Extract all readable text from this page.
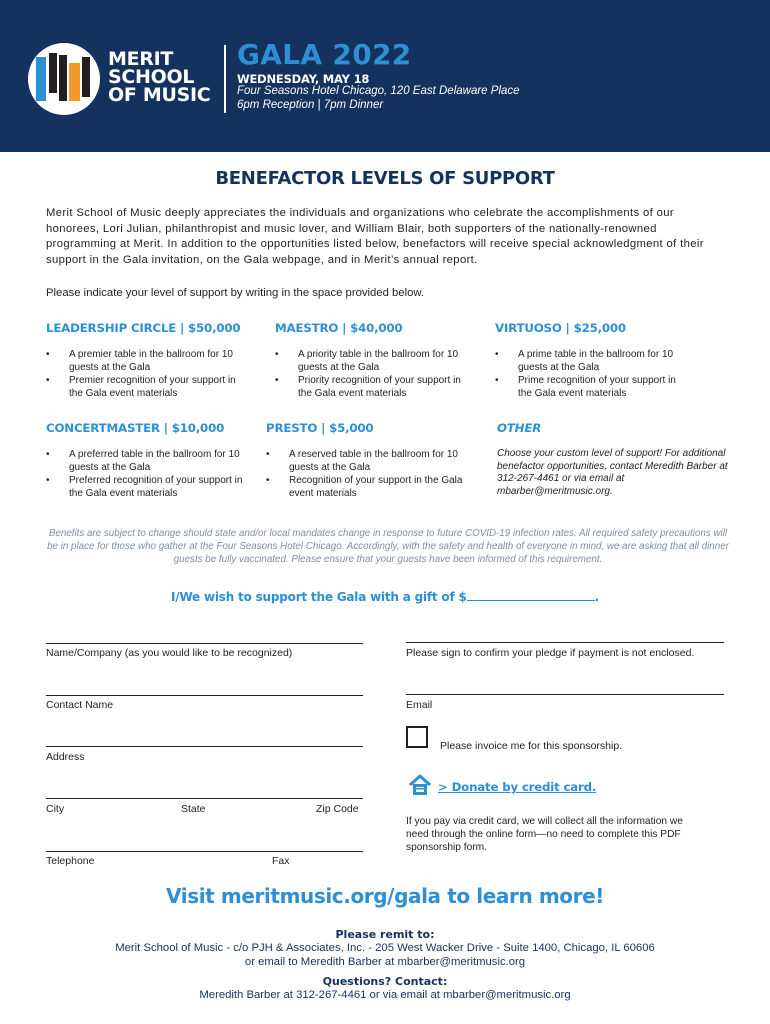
MERIT
SCHOOL
OF MUSIC
GALA 2022
WEDNESDAY, MAY 18
Four Seasons Hotel Chicago, 120 East Delaware Place
6pm Reception | 7pm Dinner
BENEFACTOR LEVELS OF SUPPORT
Merit School of Music deeply appreciates the individuals and organizations who celebrate the accomplishments of our honorees, Lori Julian, philanthropist and music lover, and William Blair, both supporters of the nationally-renowned programming at Merit. In addition to the opportunities listed below, benefactors will receive special acknowledgment of their support in the Gala invitation, on the Gala webpage, and in Merit’s annual report.
Please indicate your level of support by writing in the space provided below.
LEADERSHIP CIRCLE | $50,000
• A premier table in the ballroom for 10 guests at the Gala
• Premier recognition of your support in the Gala event materials
MAESTRO | $40,000
• A priority table in the ballroom for 10 guests at the Gala
• Priority recognition of your support in the Gala event materials
VIRTUOSO | $25,000
• A prime table in the ballroom for 10 guests at the Gala
• Prime recognition of your support in the Gala event materials
CONCERTMASTER | $10,000
• A preferred table in the ballroom for 10 guests at the Gala
• Preferred recognition of your support in the Gala event materials
PRESTO | $5,000
• A reserved table in the ballroom for 10 guests at the Gala
• Recognition of your support in the Gala event materials
OTHER
Choose your custom level of support! For additional benefactor opportunities, contact Meredith Barber at 312-267-4461 or via email at mbarber@meritmusic.org.
Benefits are subject to change should state and/or local mandates change in response to future COVID-19 infection rates. All required safety precautions will be in place for those who gather at the Four Seasons Hotel Chicago. Accordingly, with the safety and health of everyone in mind, we are asking that all dinner guests be fully vaccinated. Please ensure that your guests have been informed of this requirement.
I/We wish to support the Gala with a gift of $	.
Name/Company (as you would like to be recognized)
Contact Name
Address
City	State	Zip Code
Telephone	Fax
Please sign to confirm your pledge if payment is not enclosed.
Email
Please invoice me for this sponsorship.
> Donate by credit card.
If you pay via credit card, we will collect all the information we need through the online form—no need to complete this PDF sponsorship form.
Visit meritmusic.org/gala to learn more!
Please remit to:
Merit School of Music - c/o PJH & Associates, Inc. - 205 West Wacker Drive - Suite 1400, Chicago, IL 60606
or email to Meredith Barber at mbarber@meritmusic.org
Questions? Contact:
Meredith Barber at 312-267-4461 or via email at mbarber@meritmusic.org
